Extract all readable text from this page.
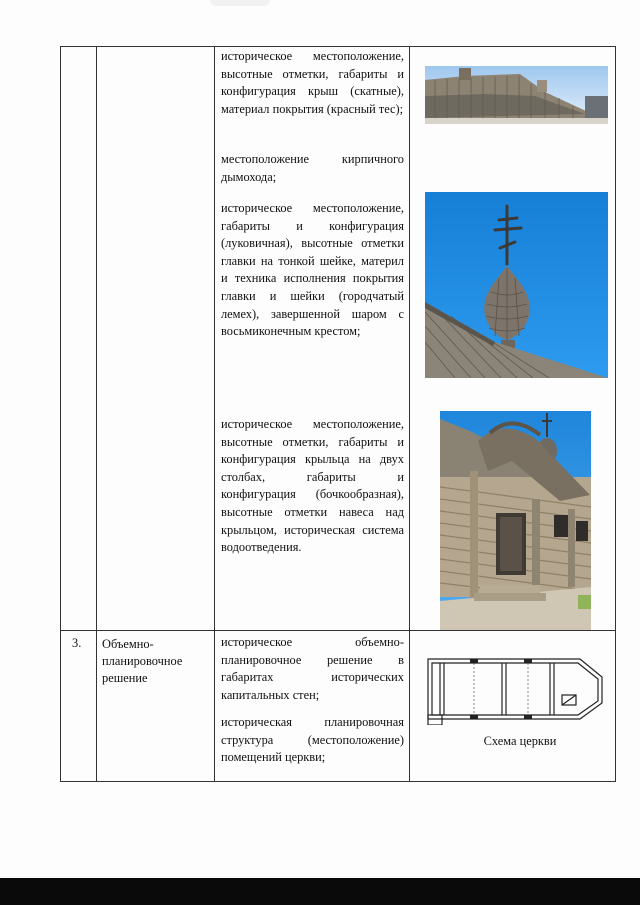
историческое местоположение, высотные отметки, габариты и конфигурация крыш (скатные), материал покрытия (красный тес);

местоположение кирпичного дымохода;

историческое местоположение, габариты и конфигурация (луковичная), высотные отметки главки на тонкой шейке, материл и техника исполнения покрытия главки и шейки (городчатый лемех), завершенной шаром с восьмиконечным крестом;

историческое местоположение, высотные отметки, габариты и конфигурация крыльца на двух столбах, габариты и конфигурация (бочкообразная), высотные отметки навеса над крыльцом, историческая система водоотведения.

3. Объемно-планировочное решение

историческое объемно-планировочное решение в габаритах исторических капитальных стен;

историческая планировочная структура (местоположение) помещений церкви;

Схема церкви
